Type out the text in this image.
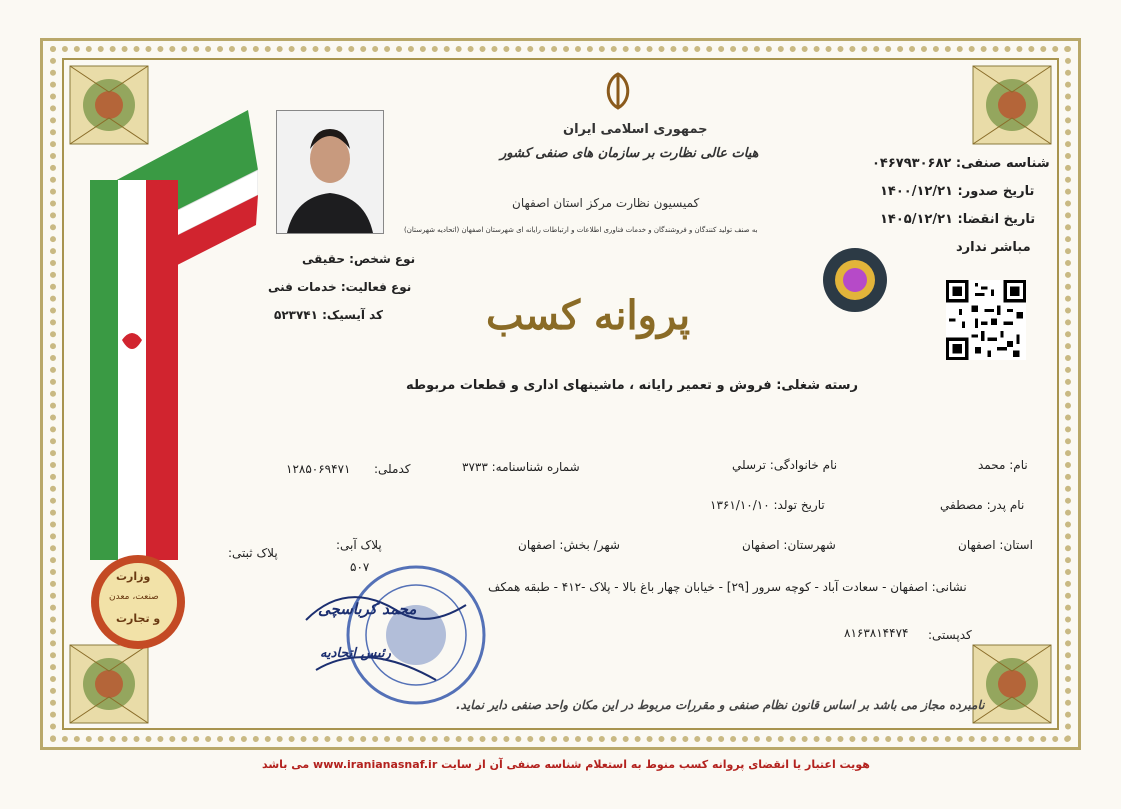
وزارت
صنعت، معدن
و تجارت
جمهوری اسلامی ایران
هیات عالی نظارت بر سازمان های صنفی کشور
کمیسیون نظارت مرکز استان اصفهان
به صنف تولید کنندگان و فروشندگان و خدمات فناوری اطلاعات و ارتباطات رایانه ای شهرستان اصفهان (اتحادیه شهرستان)
شناسه صنفی: ۰۴۶۷۹۳۰۶۸۲
تاریخ صدور: ۱۴۰۰/۱۲/۲۱
تاریخ انقضا: ۱۴۰۵/۱۲/۲۱
مباشر ندارد
نوع شخص: حقیقی
نوع فعالیت: خدمات فنی
کد آیسیک: ۵۲۳۷۴۱	پروانه کسب
رسته شغلی: فروش و تعمیر رایانه ، ماشینهای اداری و قطعات مربوطه
نام: محمد
نام خانوادگی: ترسلي
شماره شناسنامه: ۳۷۳۳
کدملی:
۱۲۸۵۰۶۹۴۷۱
نام پدر: مصطفي
تاریخ تولد: ۱۳۶۱/۱۰/۱۰
استان: اصفهان
شهرستان: اصفهان
شهر/ بخش: اصفهان
پلاک آبی:
۵۰۷
پلاک ثبتی:
نشانی: اصفهان - سعادت آباد - کوچه سرور [۲۹] - خیابان چهار باغ بالا - پلاک -۴۱۲ - طبقه همکف
کدپستی:
۸۱۶۳۸۱۴۴۷۴
محمد کرباسچی
رئیس اتحادیه
نامبرده مجاز می باشد بر اساس قانون نظام صنفی و مقررات مربوط در این مکان واحد صنفی دایر نماید.
هویت اعتبار یا انقضای پروانه کسب منوط به استعلام شناسه صنفی آن از سایت www.iranianasnaf.ir می باشد
